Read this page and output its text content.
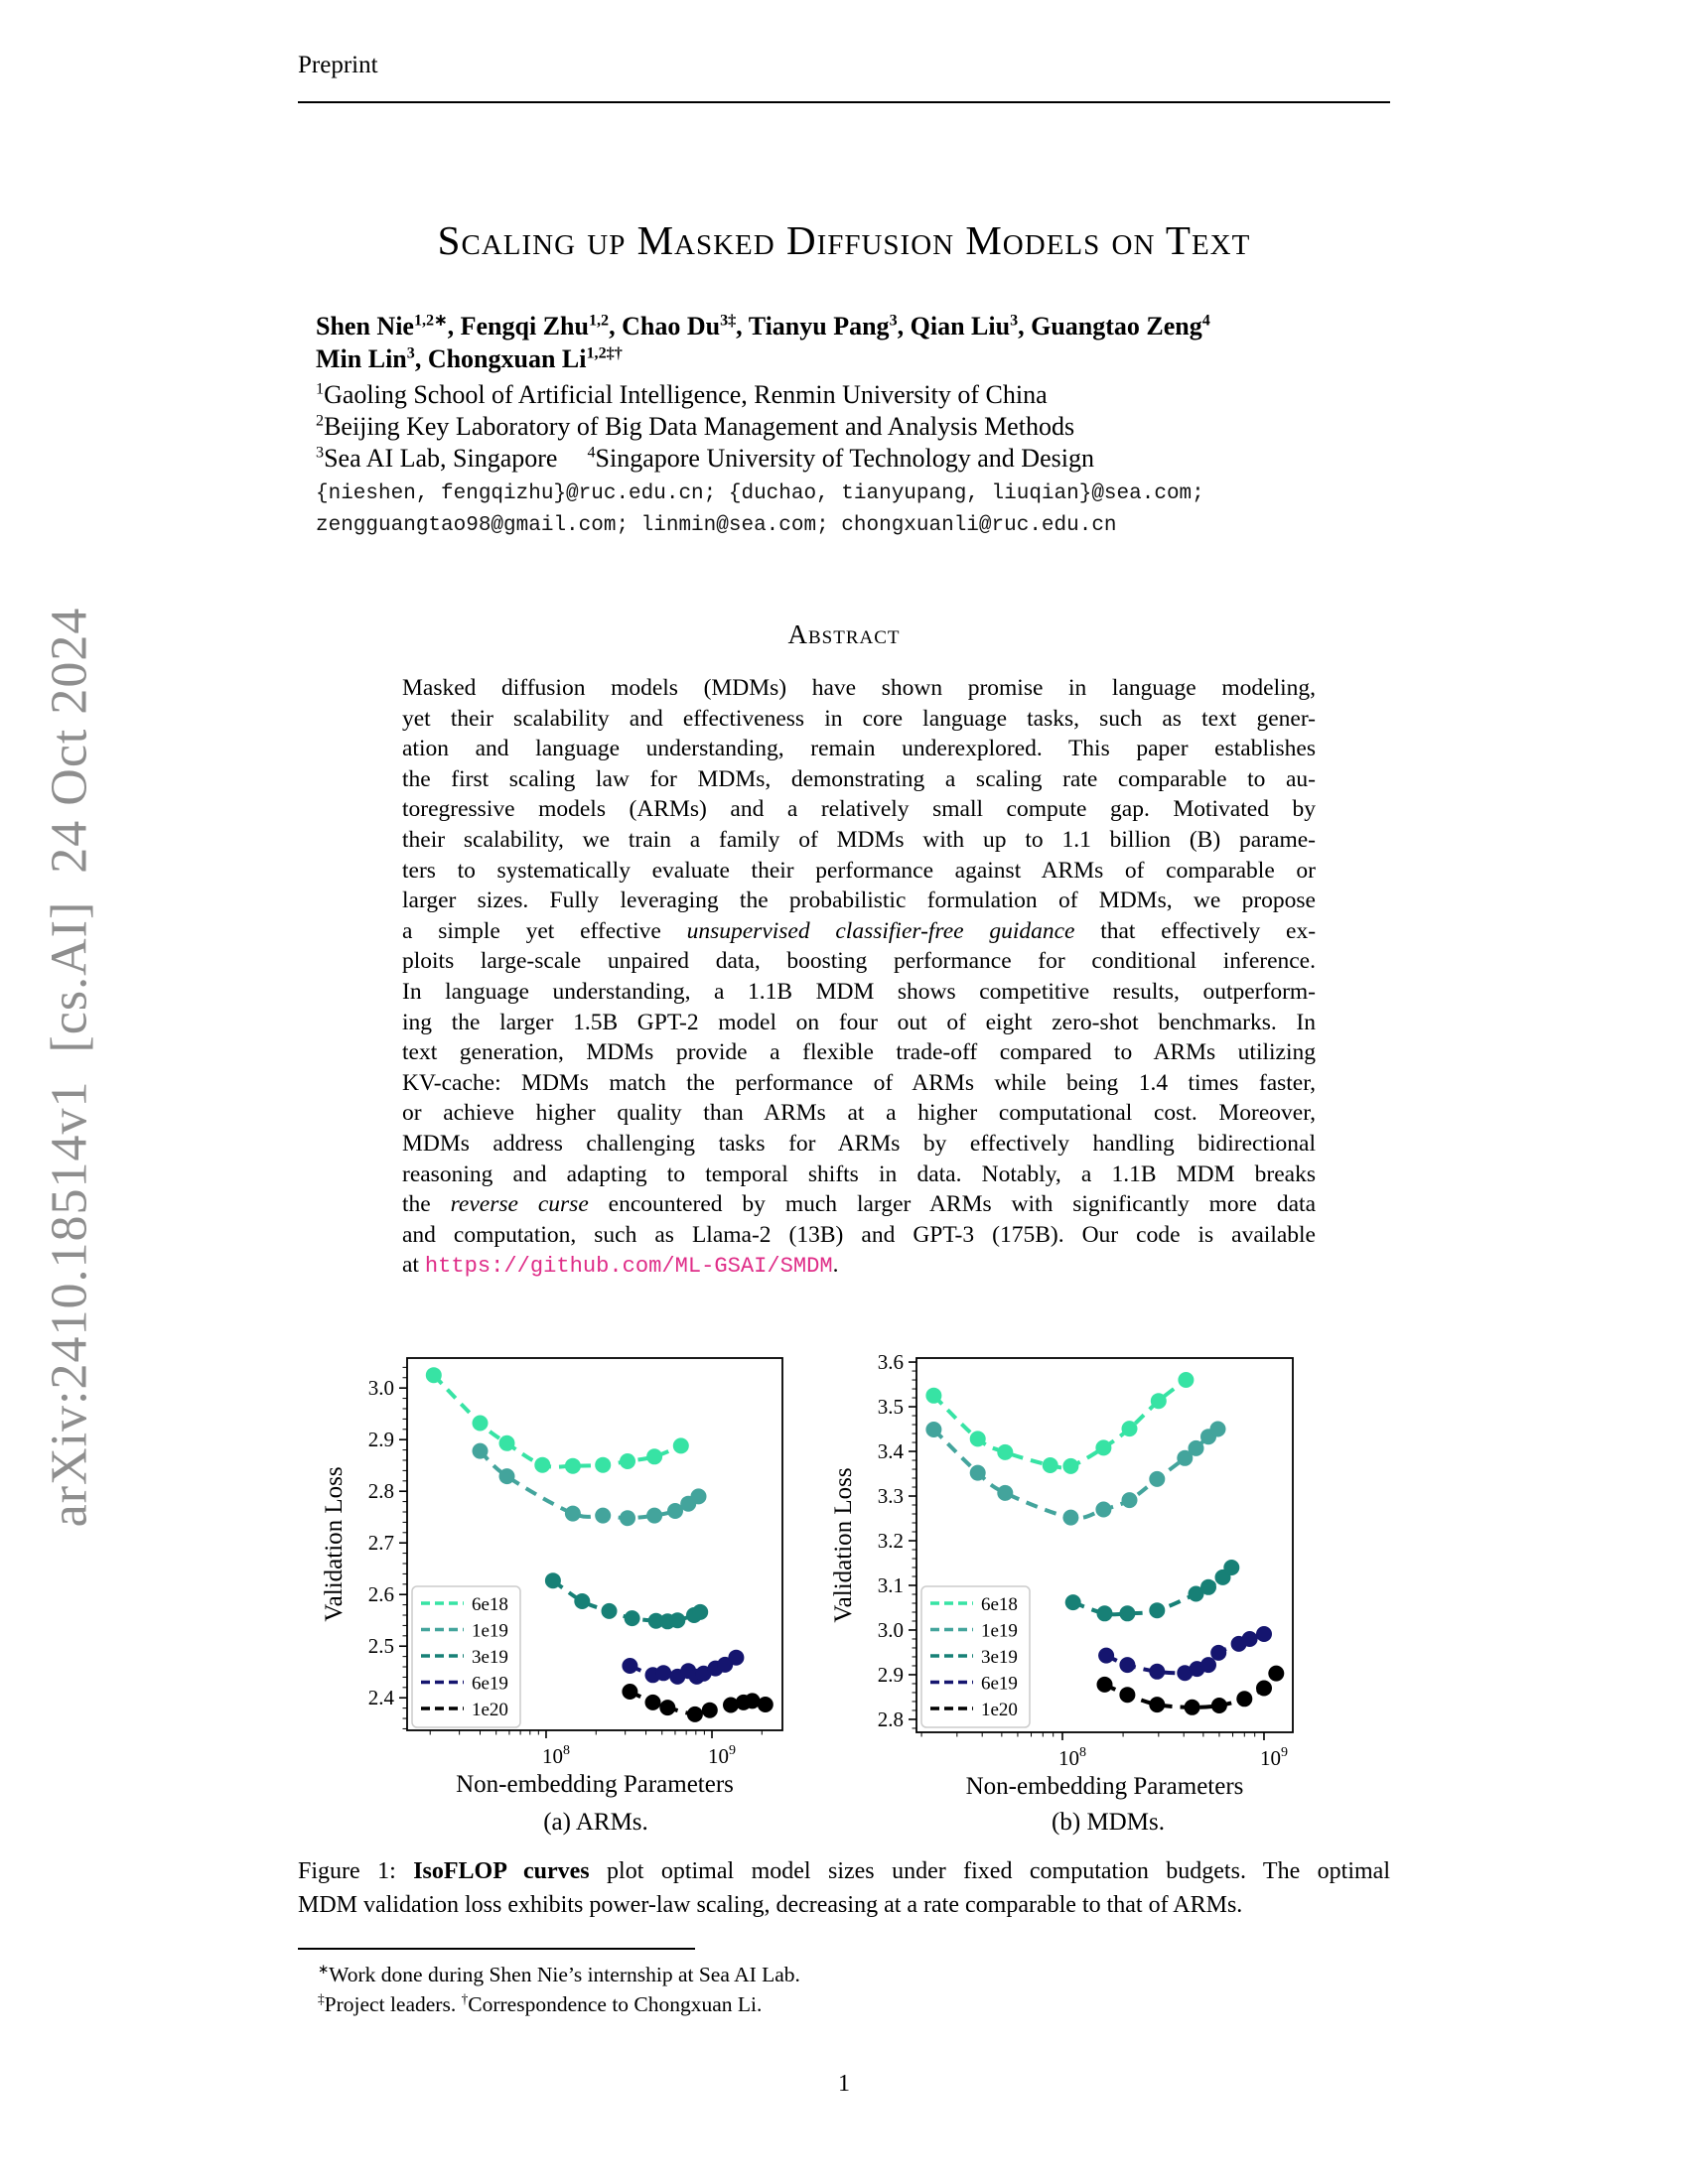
Preprint
Scaling up Masked Diffusion Models on Text
Shen Nie$^{1,2∗}$, Fengqi Zhu$^{1,2}$, Chao $Du^{3\ddagger}$, Tianyu Pang$^3$, Qian Liu$^3$, Guangtao Zeng$^4$
Min Lin$^3$, Chongxuan $Li^{1,2\ddagger\dagger}$
$^1$Gaoling School of Artificial Intelligence, Renmin University of China
$^2$Beijing Key Laboratory of Big Data Management and Analysis Methods
$^3$Sea AI Lab, Singapore $^4$Singapore University of Technology and Design
{nieshen, fengqizhu}@ruc.edu.cn; {duchao, tianyupang, liuqian}@sea.com;
zengguangtao98@gmail.com; linmin@sea.com; chongxuanli@ruc.edu.cn
Abstract
Masked diffusion models (MDMs) have shown promise in language modeling,
yet their scalability and effectiveness in core language tasks, such as text gener-
ation and language understanding, remain underexplored. This paper establishes
the first scaling law for MDMs, demonstrating a scaling rate comparable to au-
toregressive models (ARMs) and a relatively small compute gap. Motivated by
their scalability, we train a family of MDMs with up to 1.1 billion (B) parame-
ters to systematically evaluate their performance against ARMs of comparable or
larger sizes. Fully leveraging the probabilistic formulation of MDMs, we propose
a simple yet effective unsupervised classifier-free guidance that effectively ex-
ploits large-scale unpaired data, boosting performance for conditional inference.
In language understanding, a 1.1B MDM shows competitive results, outperform-
ing the larger 1.5B GPT-2 model on four out of eight zero-shot benchmarks. In
text generation, MDMs provide a flexible trade-off compared to ARMs utilizing
KV-cache: MDMs match the performance of ARMs while being 1.4 times faster,
or achieve higher quality than ARMs at a higher computational cost. Moreover,
MDMs address challenging tasks for ARMs by effectively handling bidirectional
reasoning and adapting to temporal shifts in data. Notably, a 1.1B MDM breaks
the reverse curse encountered by much larger ARMs with significantly more data
and computation, such as Llama-2 (13B) and GPT-3 (175B). Our code is available
at https://github.com/ML-GSAI/SMDM.
2.4
2.5
2.6
2.7
2.8
2.9
3.0
$10^8$	$10^9$
6e18
1e19
3e19
6e19
1e20
Non-embedding Parameters
Validation Loss
2.8
2.9
3.0
3.1
3.2
3.3
3.4
3.5
3.6
$10^8$	$10^9$
6e18
1e19
3e19
6e19
1e20
Non-embedding Parameters
Validation Loss
(a) ARMs.	(b) MDMs.
Figure 1: IsoFLOP curves plot optimal model sizes under fixed computation budgets. The optimal
MDM validation loss exhibits power-law scaling, decreasing at a rate comparable to that of ARMs.
∗Work done during Shen Nie’s internship at Sea AI Lab.
‡Project leaders. †Correspondence to Chongxuan Li.
1
arXiv:2410.18514v1  [cs.AI]  24 Oct 2024
